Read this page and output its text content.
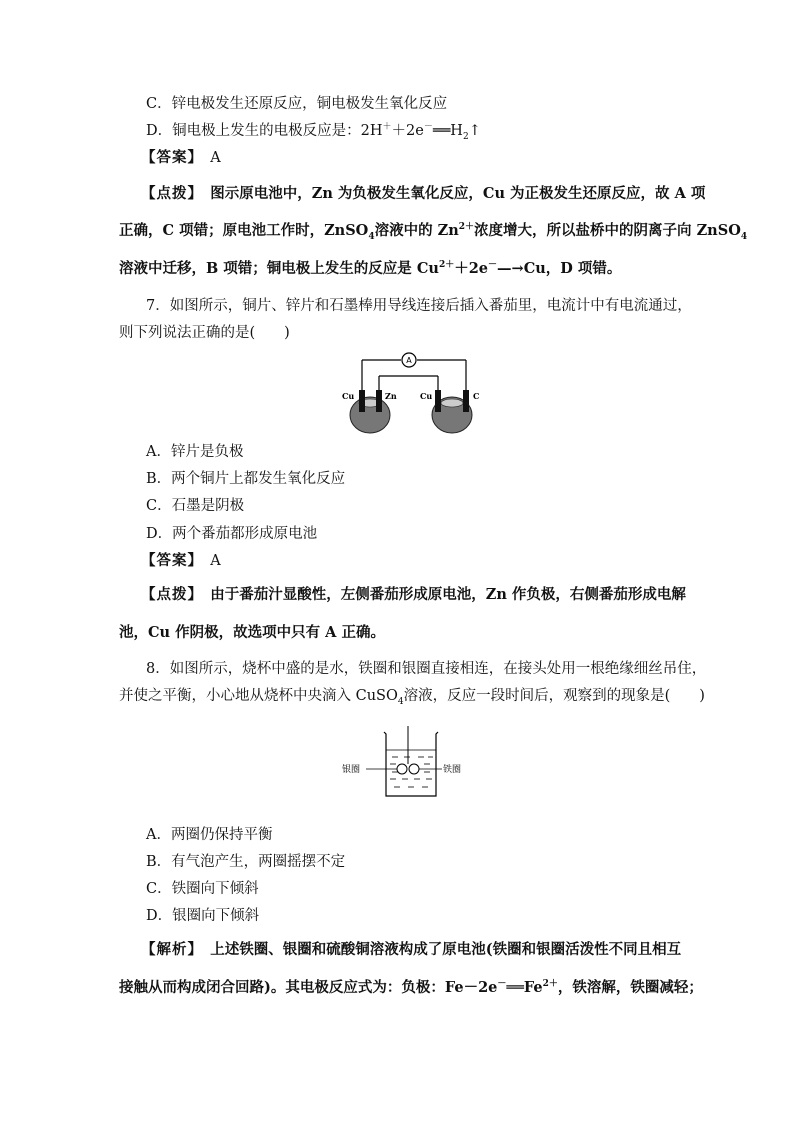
C．锌电极发生还原反应，铜电极发生氧化反应
D．铜电极上发生的电极反应是：$2H^++2e^-══H_2↑$
【答案】　 A
【点拨】　 图示原电池中，Zn 为负极发生氧化反应，Cu 为正极发生还原反应，故 A 项
正确，C 项错；原电池工作时，ZnSO$_4$溶液中的 $Zn^{2+}$浓度增大，所以盐桥中的阴离子向 ZnSO$_4$
溶液中迁移，B 项错；铜电极上发生的反应是 $Cu^{2+}+2e^-—\to Cu$，D 项错。
7．如图所示，铜片、锌片和石墨棒用导线连接后插入番茄里，电流计中有电流通过，
则下列说法正确的是(　　)
A
Cu	Zn	Cu	C
A．锌片是负极
B．两个铜片上都发生氧化反应
C．石墨是阴极
D．两个番茄都形成原电池
【答案】　 A
【点拨】　 由于番茄汁显酸性，左侧番茄形成原电池，Zn 作负极，右侧番茄形成电解
池，Cu 作阴极，故选项中只有 A 正确。
8．如图所示，烧杯中盛的是水，铁圈和银圈直接相连，在接头处用一根绝缘细丝吊住，
并使之平衡，小心地从烧杯中央滴入 CuSO$_4$溶液，反应一段时间后，观察到的现象是(　　)
银圈	铁圈
A．两圈仍保持平衡
B．有气泡产生，两圈摇摆不定
C．铁圈向下倾斜
D．银圈向下倾斜
【解析】　 上述铁圈、银圈和硫酸铜溶液构成了原电池(铁圈和银圈活泼性不同且相互
接触从而构成闭合回路)。其电极反应式为：负极：$Fe-2e^-══Fe^{2+}$，铁溶解，铁圈减轻；
